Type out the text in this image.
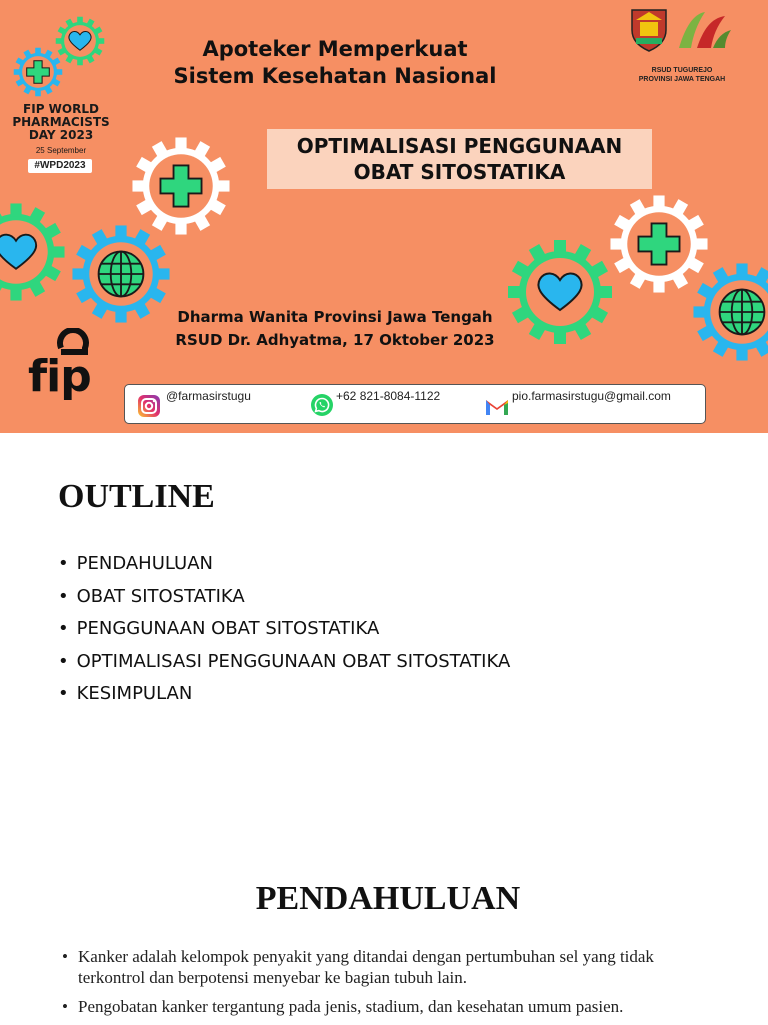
Apoteker Memperkuat
Sistem Kesehatan Nasional
FIP WORLD
PHARMACISTS
DAY 2023
25 September
#WPD2023
OPTIMALISASI PENGGUNAAN
OBAT SITOSTATIKA
Dharma Wanita Provinsi Jawa Tengah
RSUD Dr. Adhyatma, 17 Oktober 2023
RSUD TUGUREJO
PROVINSI JAWA TENGAH
fip	@farmasirstugu	+62 821-8084-1122	pio.farmasirstugu@gmail.com
OUTLINE
• PENDAHULUAN
• OBAT SITOSTATIKA
• PENGGUNAAN OBAT SITOSTATIKA
• OPTIMALISASI PENGGUNAAN OBAT SITOSTATIKA
• KESIMPULAN
PENDAHULUAN
• Kanker adalah kelompok penyakit yang ditandai dengan pertumbuhan sel yang tidak terkontrol dan berpotensi menyebar ke bagian tubuh lain.
• Pengobatan kanker tergantung pada jenis, stadium, dan kesehatan umum pasien.
